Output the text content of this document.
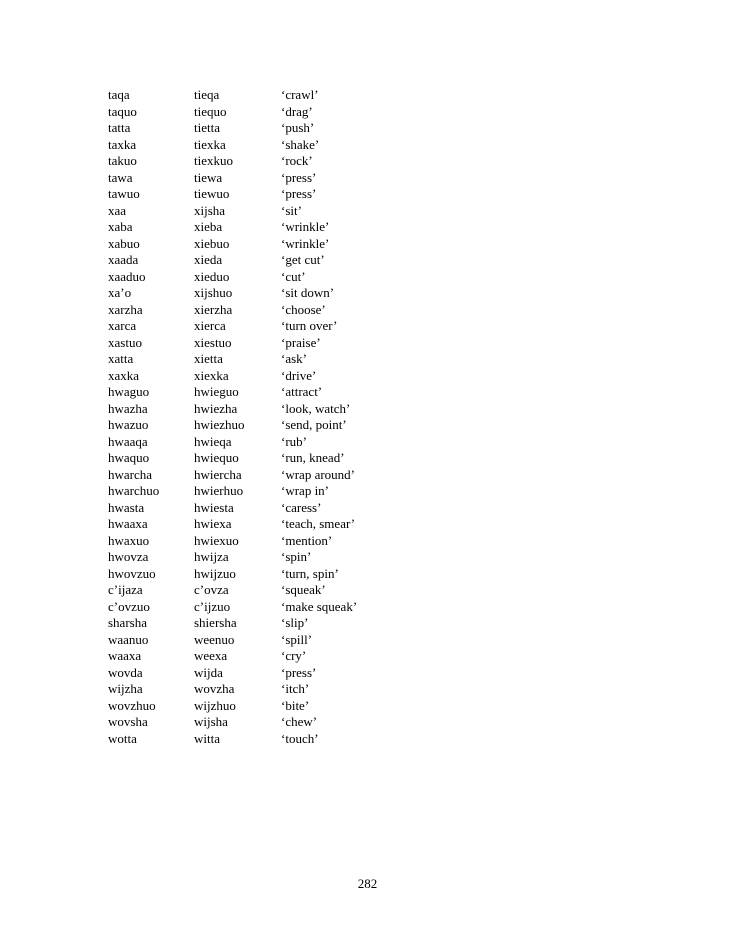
taqa	tieqa	‘crawl’
taquo	tiequo	‘drag’
tatta	tietta	‘push’
taxka	tiexka	‘shake’
takuo	tiexkuo	‘rock’
tawa	tiewa	‘press’
tawuo	tiewuo	‘press’
xaa	xijsha	‘sit’
xaba	xieba	‘wrinkle’
xabuo	xiebuo	‘wrinkle’
xaada	xieda	‘get cut’
xaaduo	xieduo	‘cut’
xa’o	xijshuo	‘sit down’
xarzha	xierzha	‘choose’
xarca	xierca	‘turn over’
xastuo	xiestuo	‘praise’
xatta	xietta	‘ask’
xaxka	xiexka	‘drive’
hwaguo	hwieguo	‘attract’
hwazha	hwiezha	‘look, watch’
hwazuo	hwiezhuo	‘send, point’
hwaaqa	hwieqa	‘rub’
hwaquo	hwiequo	‘run, knead’
hwarcha	hwiercha	‘wrap around’
hwarchuo	hwierhuo	‘wrap in’
hwasta	hwiesta	‘caress’
hwaaxa	hwiexa	‘teach, smear’
hwaxuo	hwiexuo	‘mention’
hwovza	hwijza	‘spin’
hwovzuo	hwijzuo	‘turn, spin’
c’ijaza	c’ovza	‘squeak’
c’ovzuo	c’ijzuo	‘make squeak’
sharsha	shiersha	‘slip’
waanuo	weenuo	‘spill’
waaxa	weexa	‘cry’
wovda	wijda	‘press’
wijzha	wovzha	‘itch’
wovzhuo	wijzhuo	‘bite’
wovsha	wijsha	‘chew’
wotta	witta	‘touch’
282
